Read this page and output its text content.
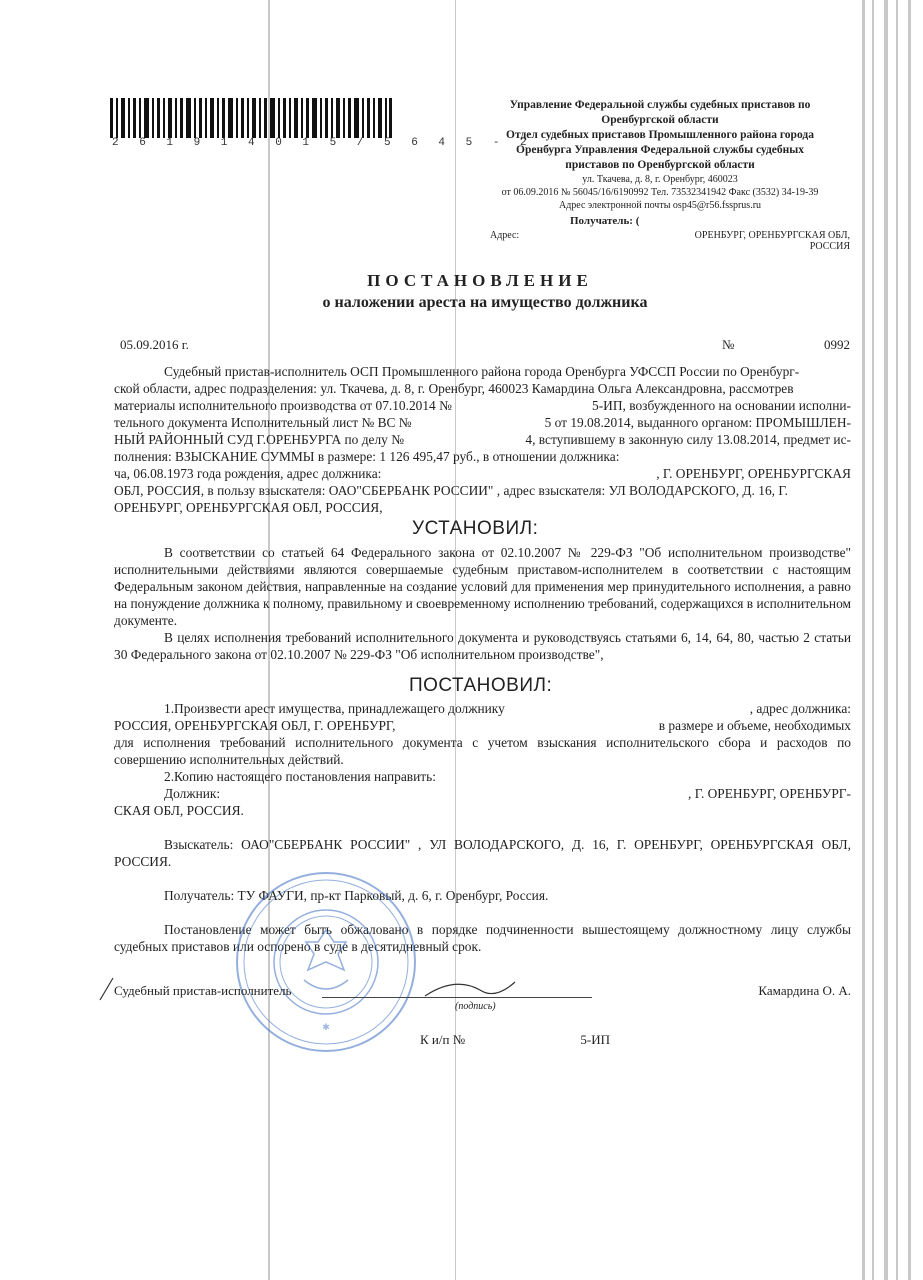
2 6 1 9 1 4 0 1 5 / 5 6 4 5 - 2
Управление Федеральной службы судебных приставов по
Оренбургской области
Отдел судебных приставов Промышленного района города
Оренбурга Управления Федеральной службы судебных
приставов по Оренбургской области
ул. Ткачева, д. 8, г. Оренбург, 460023
от 06.09.2016 № 56045/16/6190992 Тел. 73532341942 Факс (3532) 34-19-39
Адрес электронной почты osp45@r56.fssprus.ru
Получатель: (
Адрес:	ОРЕНБУРГ, ОРЕНБУРГСКАЯ ОБЛ,
РОССИЯ
ПОСТАНОВЛЕНИЕ
о наложении ареста на имущество должника
05.09.2016 г.	№	0992

Судебный пристав-исполнитель ОСП Промышленного района города Оренбурга УФССП России по Оренбург-

ской области, адрес подразделения: ул. Ткачева, д. 8, г. Оренбург, 460023 Камардина Ольга Александровна, рассмотрев

материалы исполнительного производства от 07.10.2014 №	5-ИП, возбужденного на основании исполни-

тельного документа Исполнительный лист № ВС №	5 от 19.08.2014, выданного органом: ПРОМЫШЛЕН-

НЫЙ РАЙОННЫЙ СУД Г.ОРЕНБУРГА по делу №	4, вступившему в законную силу 13.08.2014, предмет ис-

полнения: ВЗЫСКАНИЕ СУММЫ в размере: 1 126 495,47 руб., в отношении должника:

ча, 06.08.1973 года рождения, адрес должника:	, Г. ОРЕНБУРГ, ОРЕНБУРГСКАЯ

ОБЛ, РОССИЯ, в пользу взыскателя: ОАО"СБЕРБАНК РОССИИ" , адрес взыскателя: УЛ ВОЛОДАРСКОГО, Д. 16, Г.

ОРЕНБУРГ, ОРЕНБУРГСКАЯ ОБЛ, РОССИЯ,

УСТАНОВИЛ:

В соответствии со статьей 64 Федерального закона от 02.10.2007 № 229-ФЗ "Об исполнительном производстве" исполнительными действиями являются совершаемые судебным приставом-исполнителем в соответствии с настоящим Федеральным законом действия, направленные на создание условий для применения мер принудительного исполнения, а равно на понуждение должника к полному, правильному и своевременному исполнению требований, содержащихся в исполнительном документе.

В целях исполнения требований исполнительного документа и руководствуясь статьями 6, 14, 64, 80, частью 2 статьи 30 Федерального закона от 02.10.2007 № 229-ФЗ "Об исполнительном производстве",

ПОСТАНОВИЛ:

1.Произвести арест имущества, принадлежащего должнику	, адрес должника:

РОССИЯ, ОРЕНБУРГСКАЯ ОБЛ, Г. ОРЕНБУРГ,	в размере и объеме, необходимых

для исполнения требований исполнительного документа с учетом взыскания исполнительского сбора и расходов по совершению исполнительных действий.

2.Копию настоящего постановления направить:

Должник:	, Г. ОРЕНБУРГ, ОРЕНБУРГ-

СКАЯ ОБЛ, РОССИЯ.

Взыскатель: ОАО"СБЕРБАНК РОССИИ" , УЛ ВОЛОДАРСКОГО, Д. 16, Г. ОРЕНБУРГ, ОРЕНБУРГСКАЯ ОБЛ, РОССИЯ.

Получатель: ТУ ФАУГИ, пр-кт Парковый, д. 6, г. Оренбург, Россия.

Постановление может быть обжаловано в порядке подчиненности вышестоящему должностному лицу службы судебных приставов или оспорено в суде в десятидневный срок.

✱
Судебный пристав-исполнитель	Камардина О. А.
(подпись)
К и/п №	5-ИП
